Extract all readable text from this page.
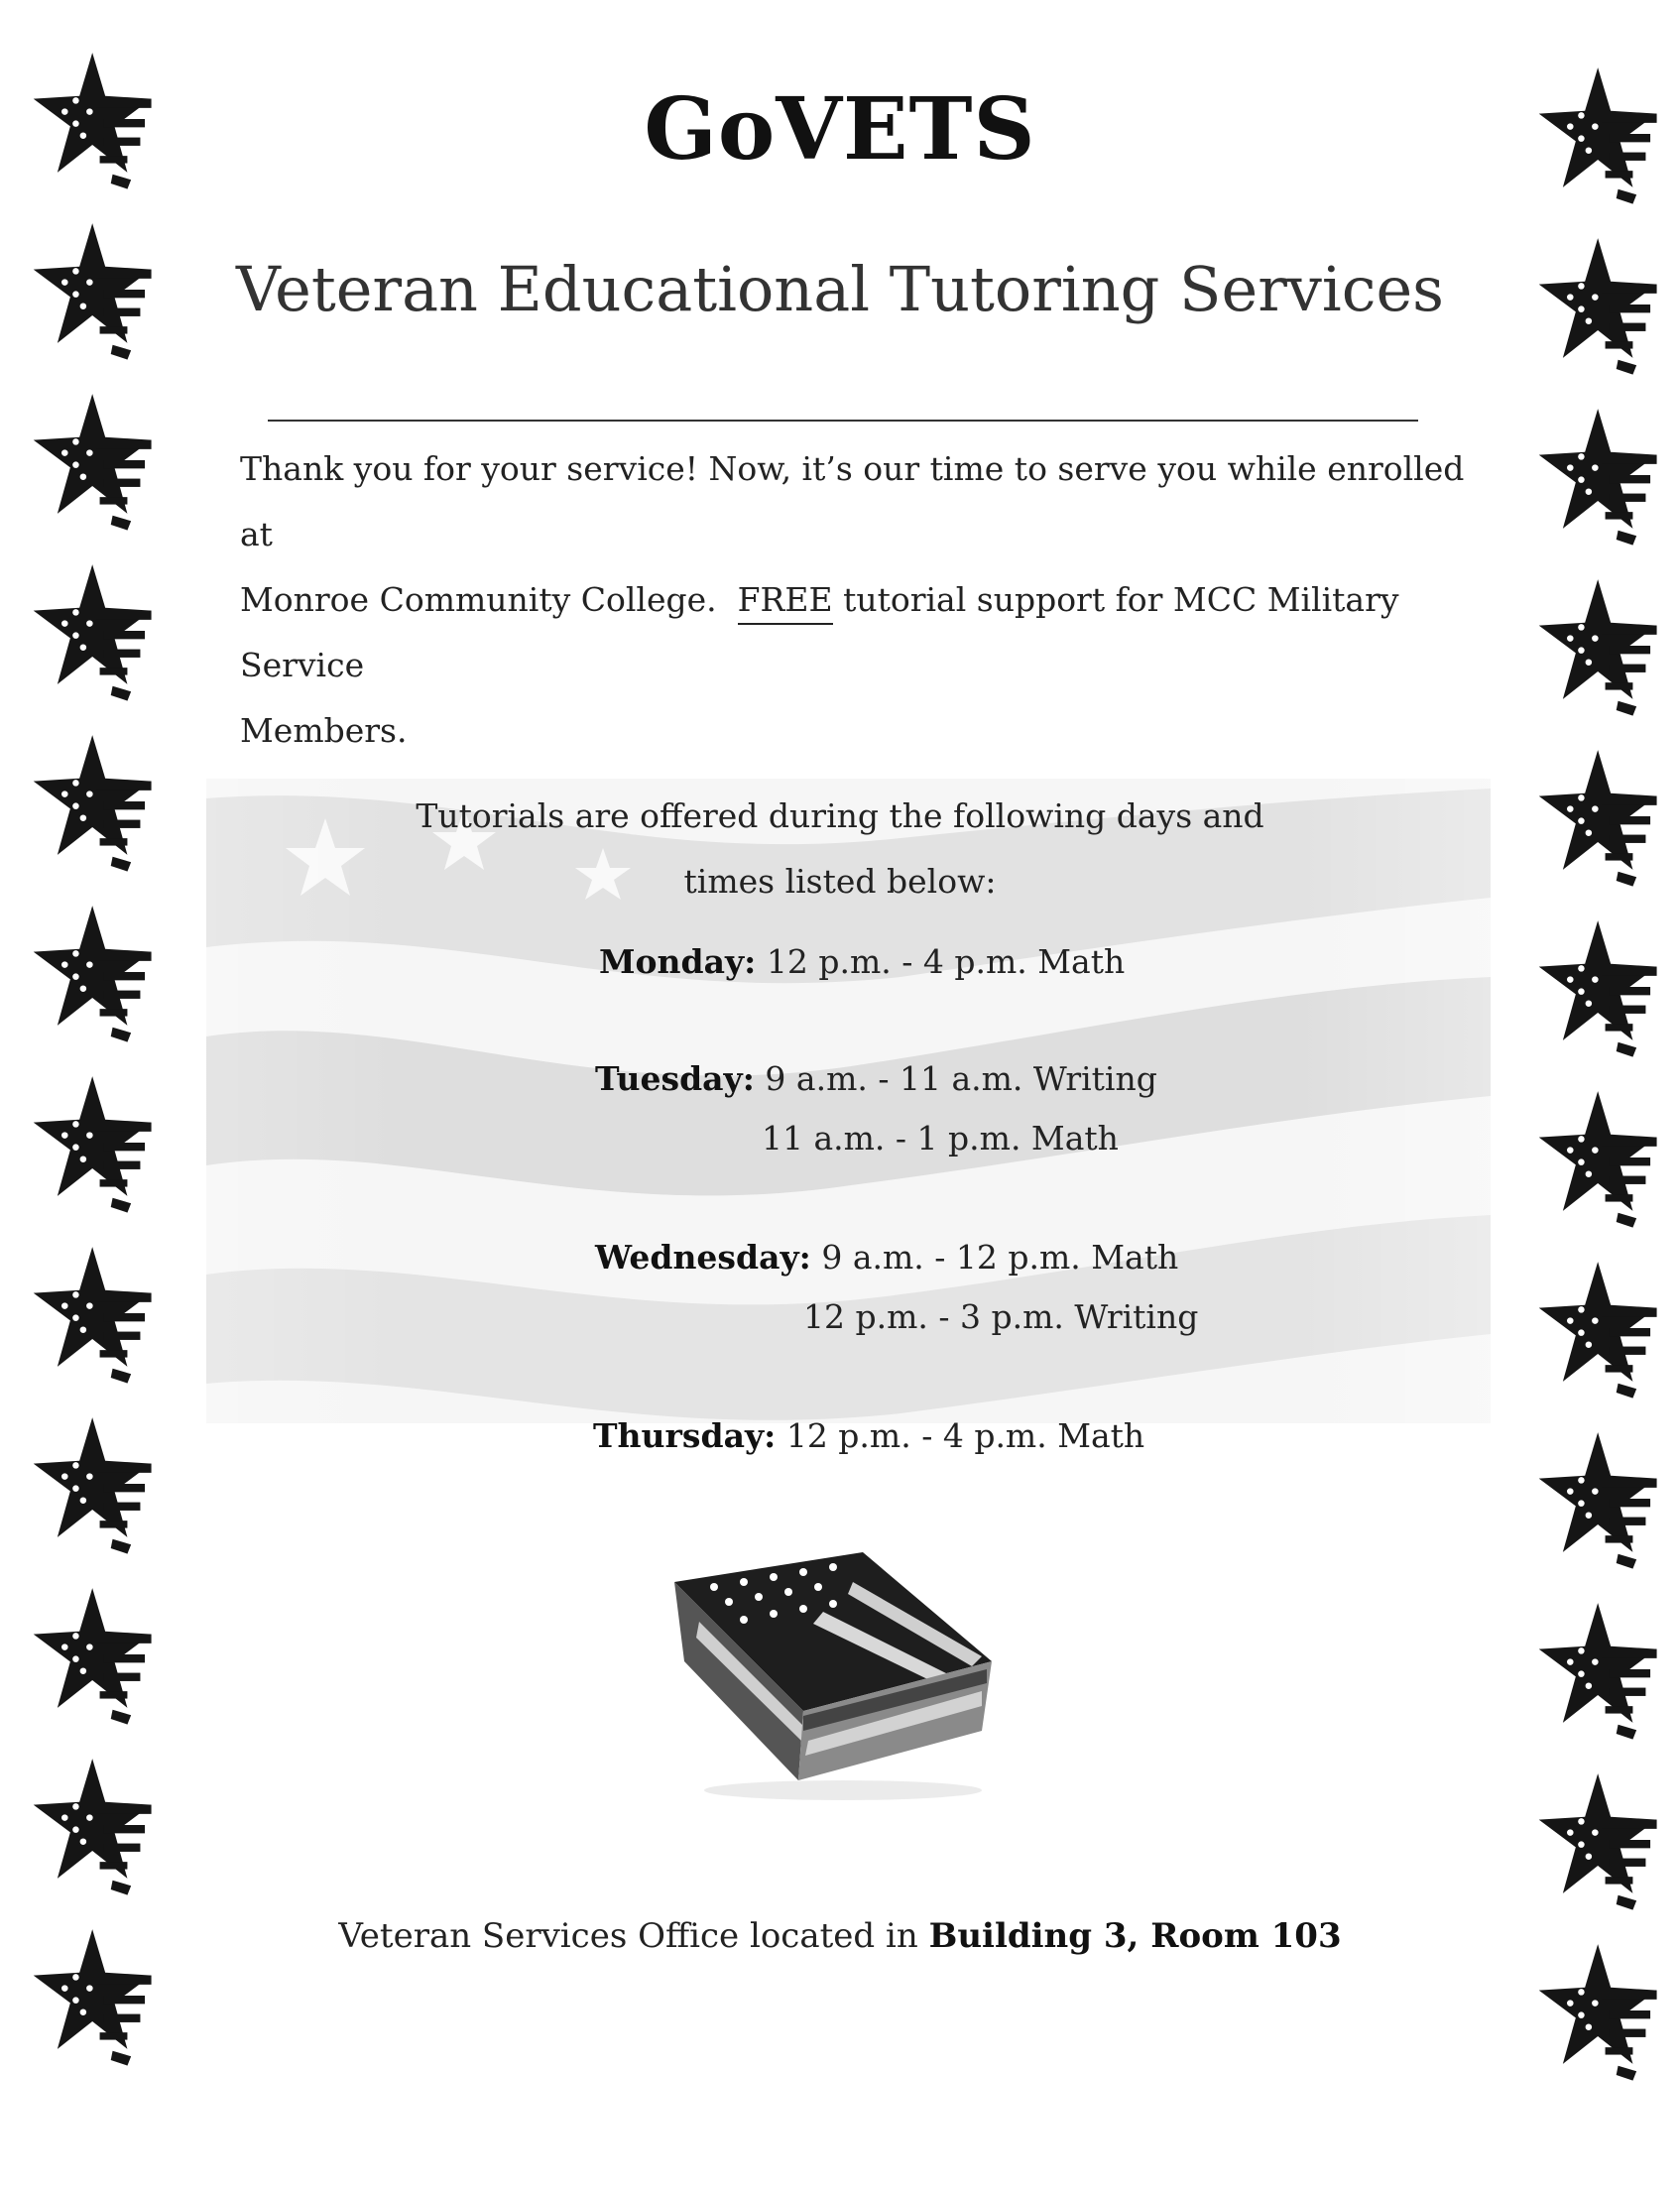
GoVETS
Veteran Educational Tutoring Services
Thank you for your service! Now, it’s our time to serve you while enrolled at
Monroe Community College. FREE tutorial support for MCC Military Service
Members.
Tutorials are offered during the following days and
times listed below:
Monday: 12 p.m. - 4 p.m. Math
Tuesday: 9 a.m. - 11 a.m. Writing
11 a.m. - 1 p.m. Math
Wednesday: 9 a.m. - 12 p.m. Math
12 p.m. - 3 p.m. Writing
Thursday: 12 p.m. - 4 p.m. Math
Veteran Services Office located in Building 3, Room 103
